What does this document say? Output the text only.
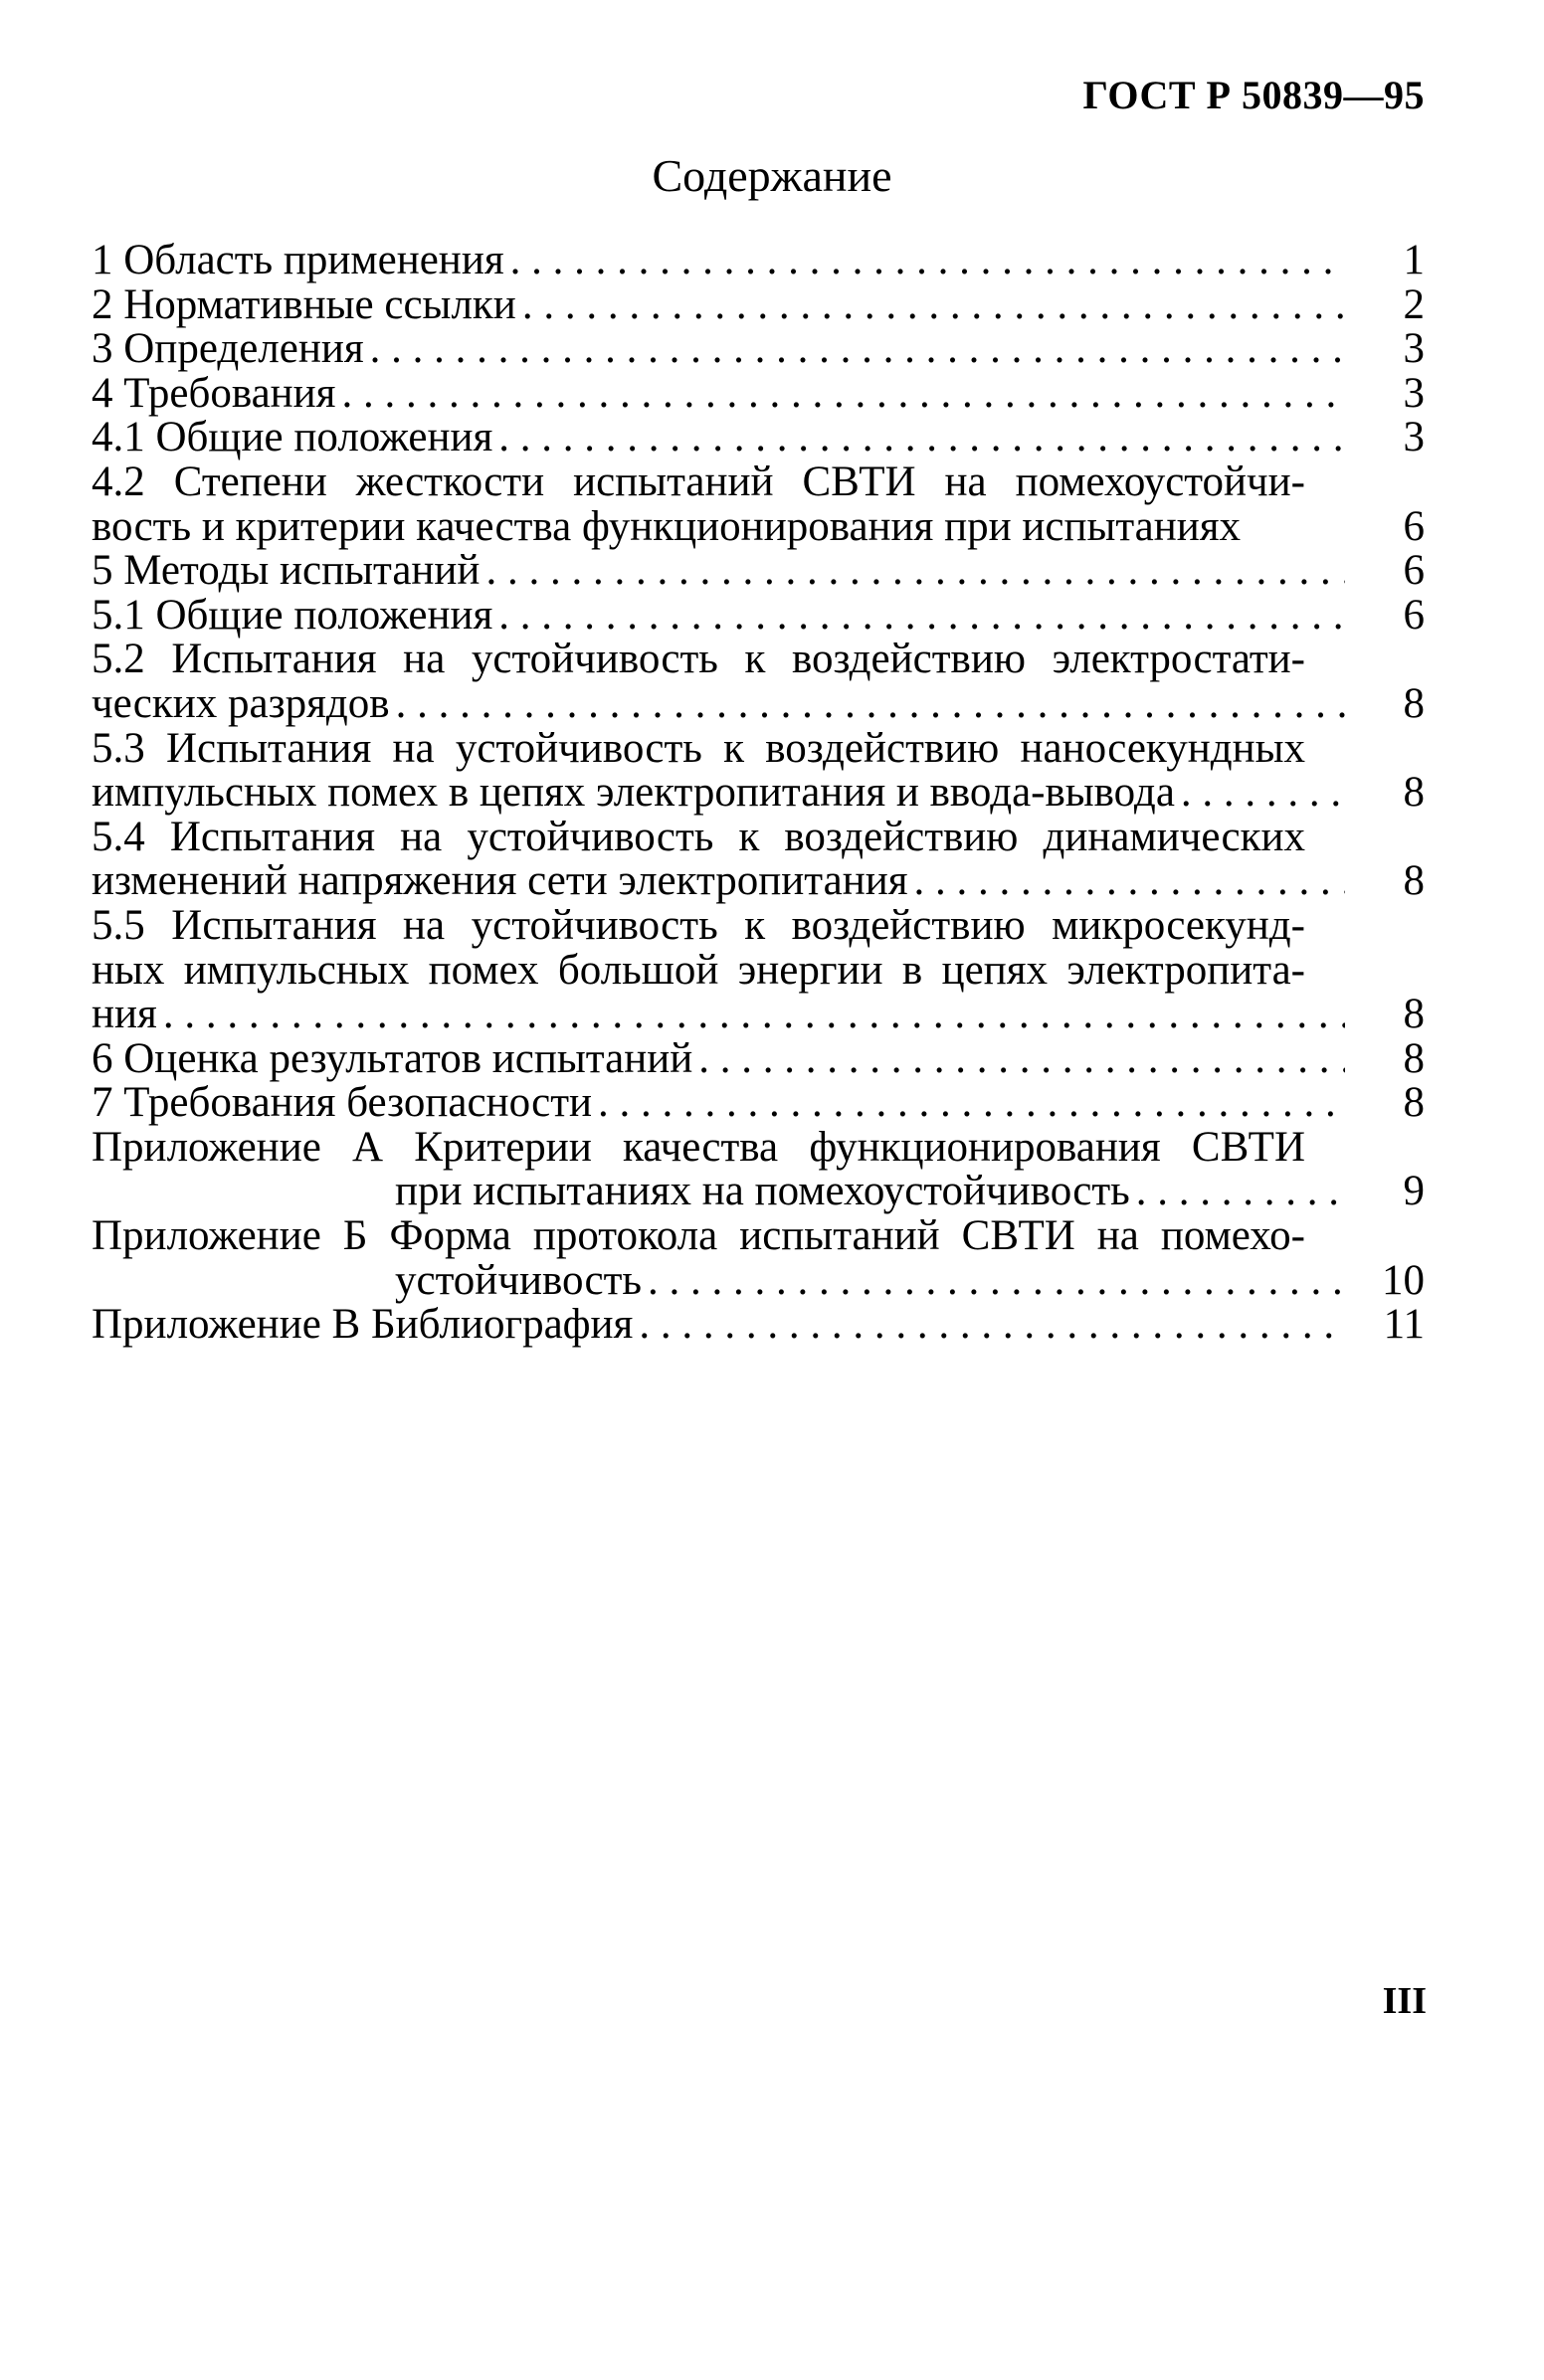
ГОСТ Р 50839—95
Содержание
1 Область применения . . .	1
2 Нормативные ссылки . . .	2
3 Определения . . .	3
4 Требования . . .	3
4.1 Общие положения . . .	3
4.2 Степени жесткости испытаний СВТИ на помехоустойчи-
вость и критерии качества функционирования при испытаниях	6
5 Методы испытаний . . .	6
5.1 Общие положения . . .	6
5.2 Испытания на устойчивость к воздействию электростати-
ческих разрядов . . .	8
5.3 Испытания на устойчивость к воздействию наносекундных
импульсных помех в цепях электропитания и ввода-вывода . . .	8
5.4 Испытания на устойчивость к воздействию динамических
изменений напряжения сети электропитания . . .	8
5.5 Испытания на устойчивость к воздействию микросекунд-
ных импульсных помех большой энергии в цепях электропита-
ния . . .	8
6 Оценка результатов испытаний . . .	8
7 Требования безопасности . . .	8
Приложение А Критерии качества функционирования СВТИ
при испытаниях на помехоустойчивость . . .	9
Приложение Б Форма протокола испытаний СВТИ на помехо-
устойчивость . . .	10
Приложение В Библиография . . .	11
III
